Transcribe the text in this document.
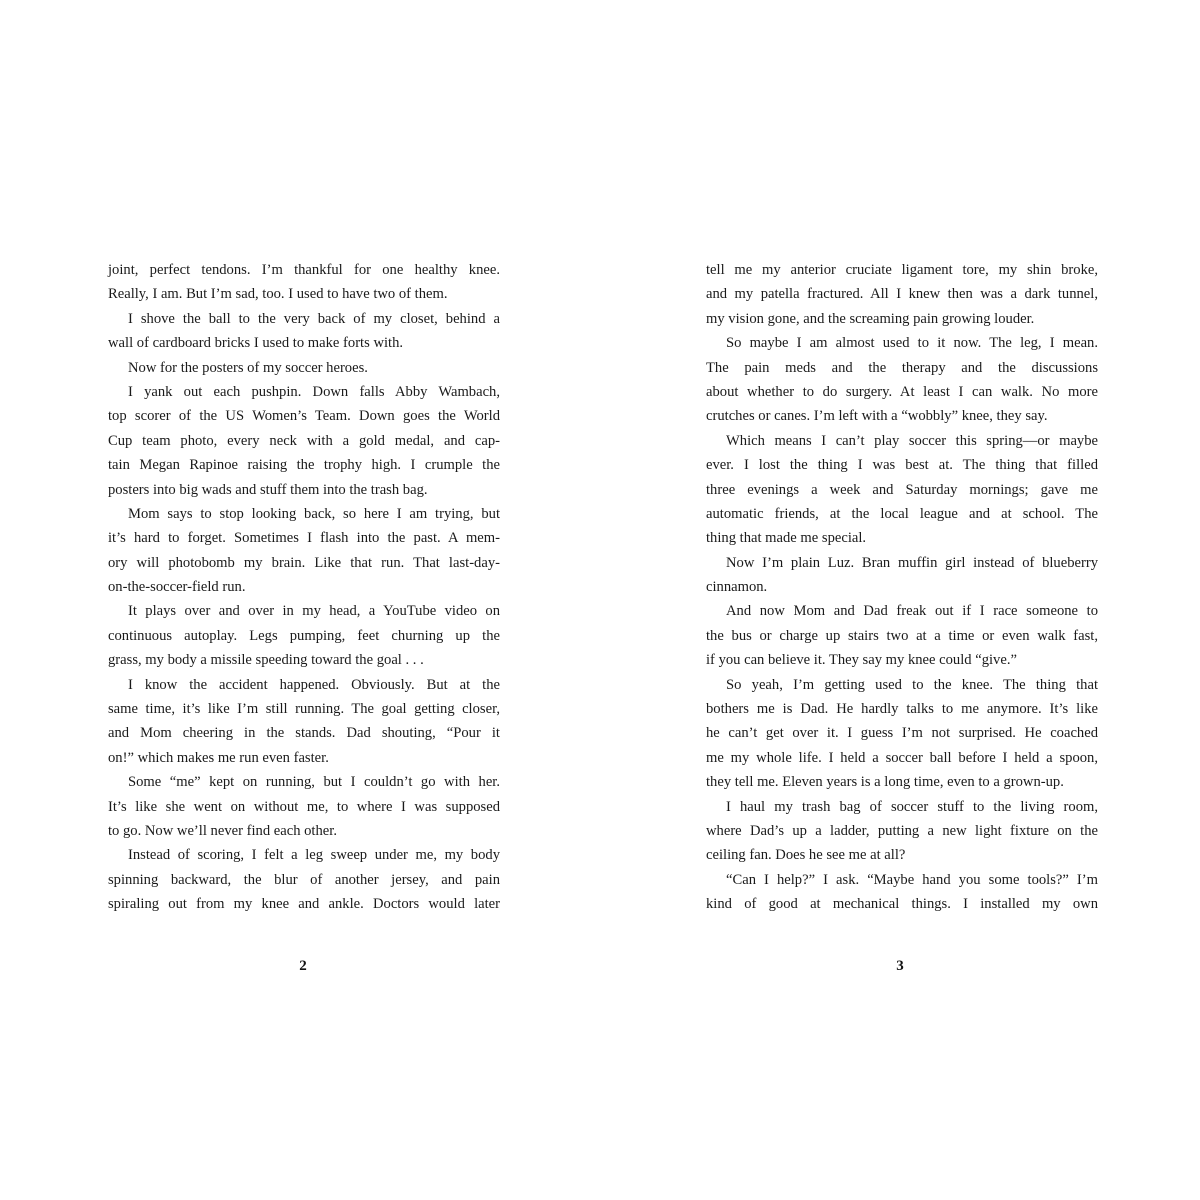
joint, perfect tendons. I’m thankful for one healthy knee.
Really, I am. But I’m sad, too. I used to have two of them.
I shove the ball to the very back of my closet, behind a
wall of cardboard bricks I used to make forts with.
Now for the posters of my soccer heroes.
I yank out each pushpin. Down falls Abby Wambach,
top scorer of the US Women’s Team. Down goes the World
Cup team photo, every neck with a gold medal, and cap-
tain Megan Rapinoe raising the trophy high. I crumple the
posters into big wads and stuff them into the trash bag.
Mom says to stop looking back, so here I am trying, but
it’s hard to forget. Sometimes I flash into the past. A mem-
ory will photobomb my brain. Like that run. That last-day-
on-the-soccer-field run.
It plays over and over in my head, a YouTube video on
continuous autoplay. Legs pumping, feet churning up the
grass, my body a missile speeding toward the goal . . .
I know the accident happened. Obviously. But at the
same time, it’s like I’m still running. The goal getting closer,
and Mom cheering in the stands. Dad shouting, “Pour it
on!” which makes me run even faster.
Some “me” kept on running, but I couldn’t go with her.
It’s like she went on without me, to where I was supposed
to go. Now we’ll never find each other.
Instead of scoring, I felt a leg sweep under me, my body
spinning backward, the blur of another jersey, and pain
spiraling out from my knee and ankle. Doctors would later
tell me my anterior cruciate ligament tore, my shin broke,
and my patella fractured. All I knew then was a dark tunnel,
my vision gone, and the screaming pain growing louder.
So maybe I am almost used to it now. The leg, I mean.
The pain meds and the therapy and the discussions
about whether to do surgery. At least I can walk. No more
crutches or canes. I’m left with a “wobbly” knee, they say.
Which means I can’t play soccer this spring—or maybe
ever. I lost the thing I was best at. The thing that filled
three evenings a week and Saturday mornings; gave me
automatic friends, at the local league and at school. The
thing that made me special.
Now I’m plain Luz. Bran muffin girl instead of blueberry
cinnamon.
And now Mom and Dad freak out if I race someone to
the bus or charge up stairs two at a time or even walk fast,
if you can believe it. They say my knee could “give.”
So yeah, I’m getting used to the knee. The thing that
bothers me is Dad. He hardly talks to me anymore. It’s like
he can’t get over it. I guess I’m not surprised. He coached
me my whole life. I held a soccer ball before I held a spoon,
they tell me. Eleven years is a long time, even to a grown-up.
I haul my trash bag of soccer stuff to the living room,
where Dad’s up a ladder, putting a new light fixture on the
ceiling fan. Does he see me at all?
“Can I help?” I ask. “Maybe hand you some tools?” I’m
kind of good at mechanical things. I installed my own
2	3
